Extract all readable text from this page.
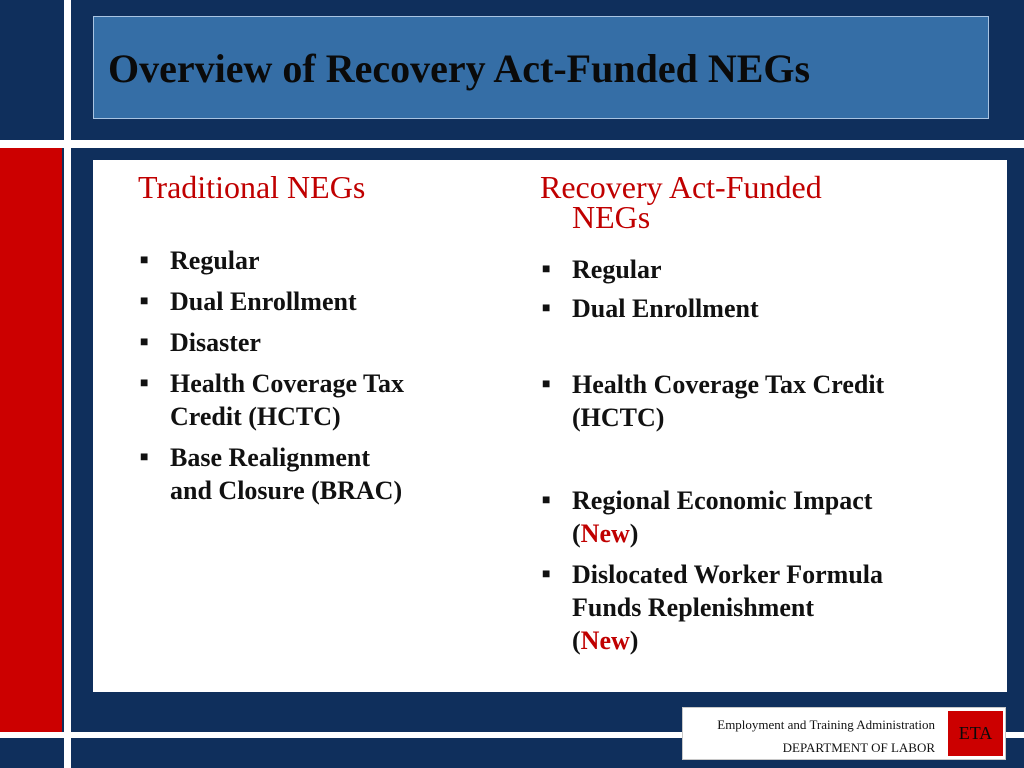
Overview of Recovery Act-Funded NEGs
Traditional NEGs
■ Regular
■ Dual Enrollment
■ Disaster
■ Health Coverage Tax
Credit (HCTC)
■ Base Realignment
and Closure (BRAC)
Recovery Act-Funded
NEGs
■ Regular
■ Dual Enrollment
■ Health Coverage Tax Credit
(HCTC)
■ Regional Economic Impact
(New)
■ Dislocated Worker Formula
Funds Replenishment
(New)
Employment and Training Administration
DEPARTMENT OF LABOR
ETA
